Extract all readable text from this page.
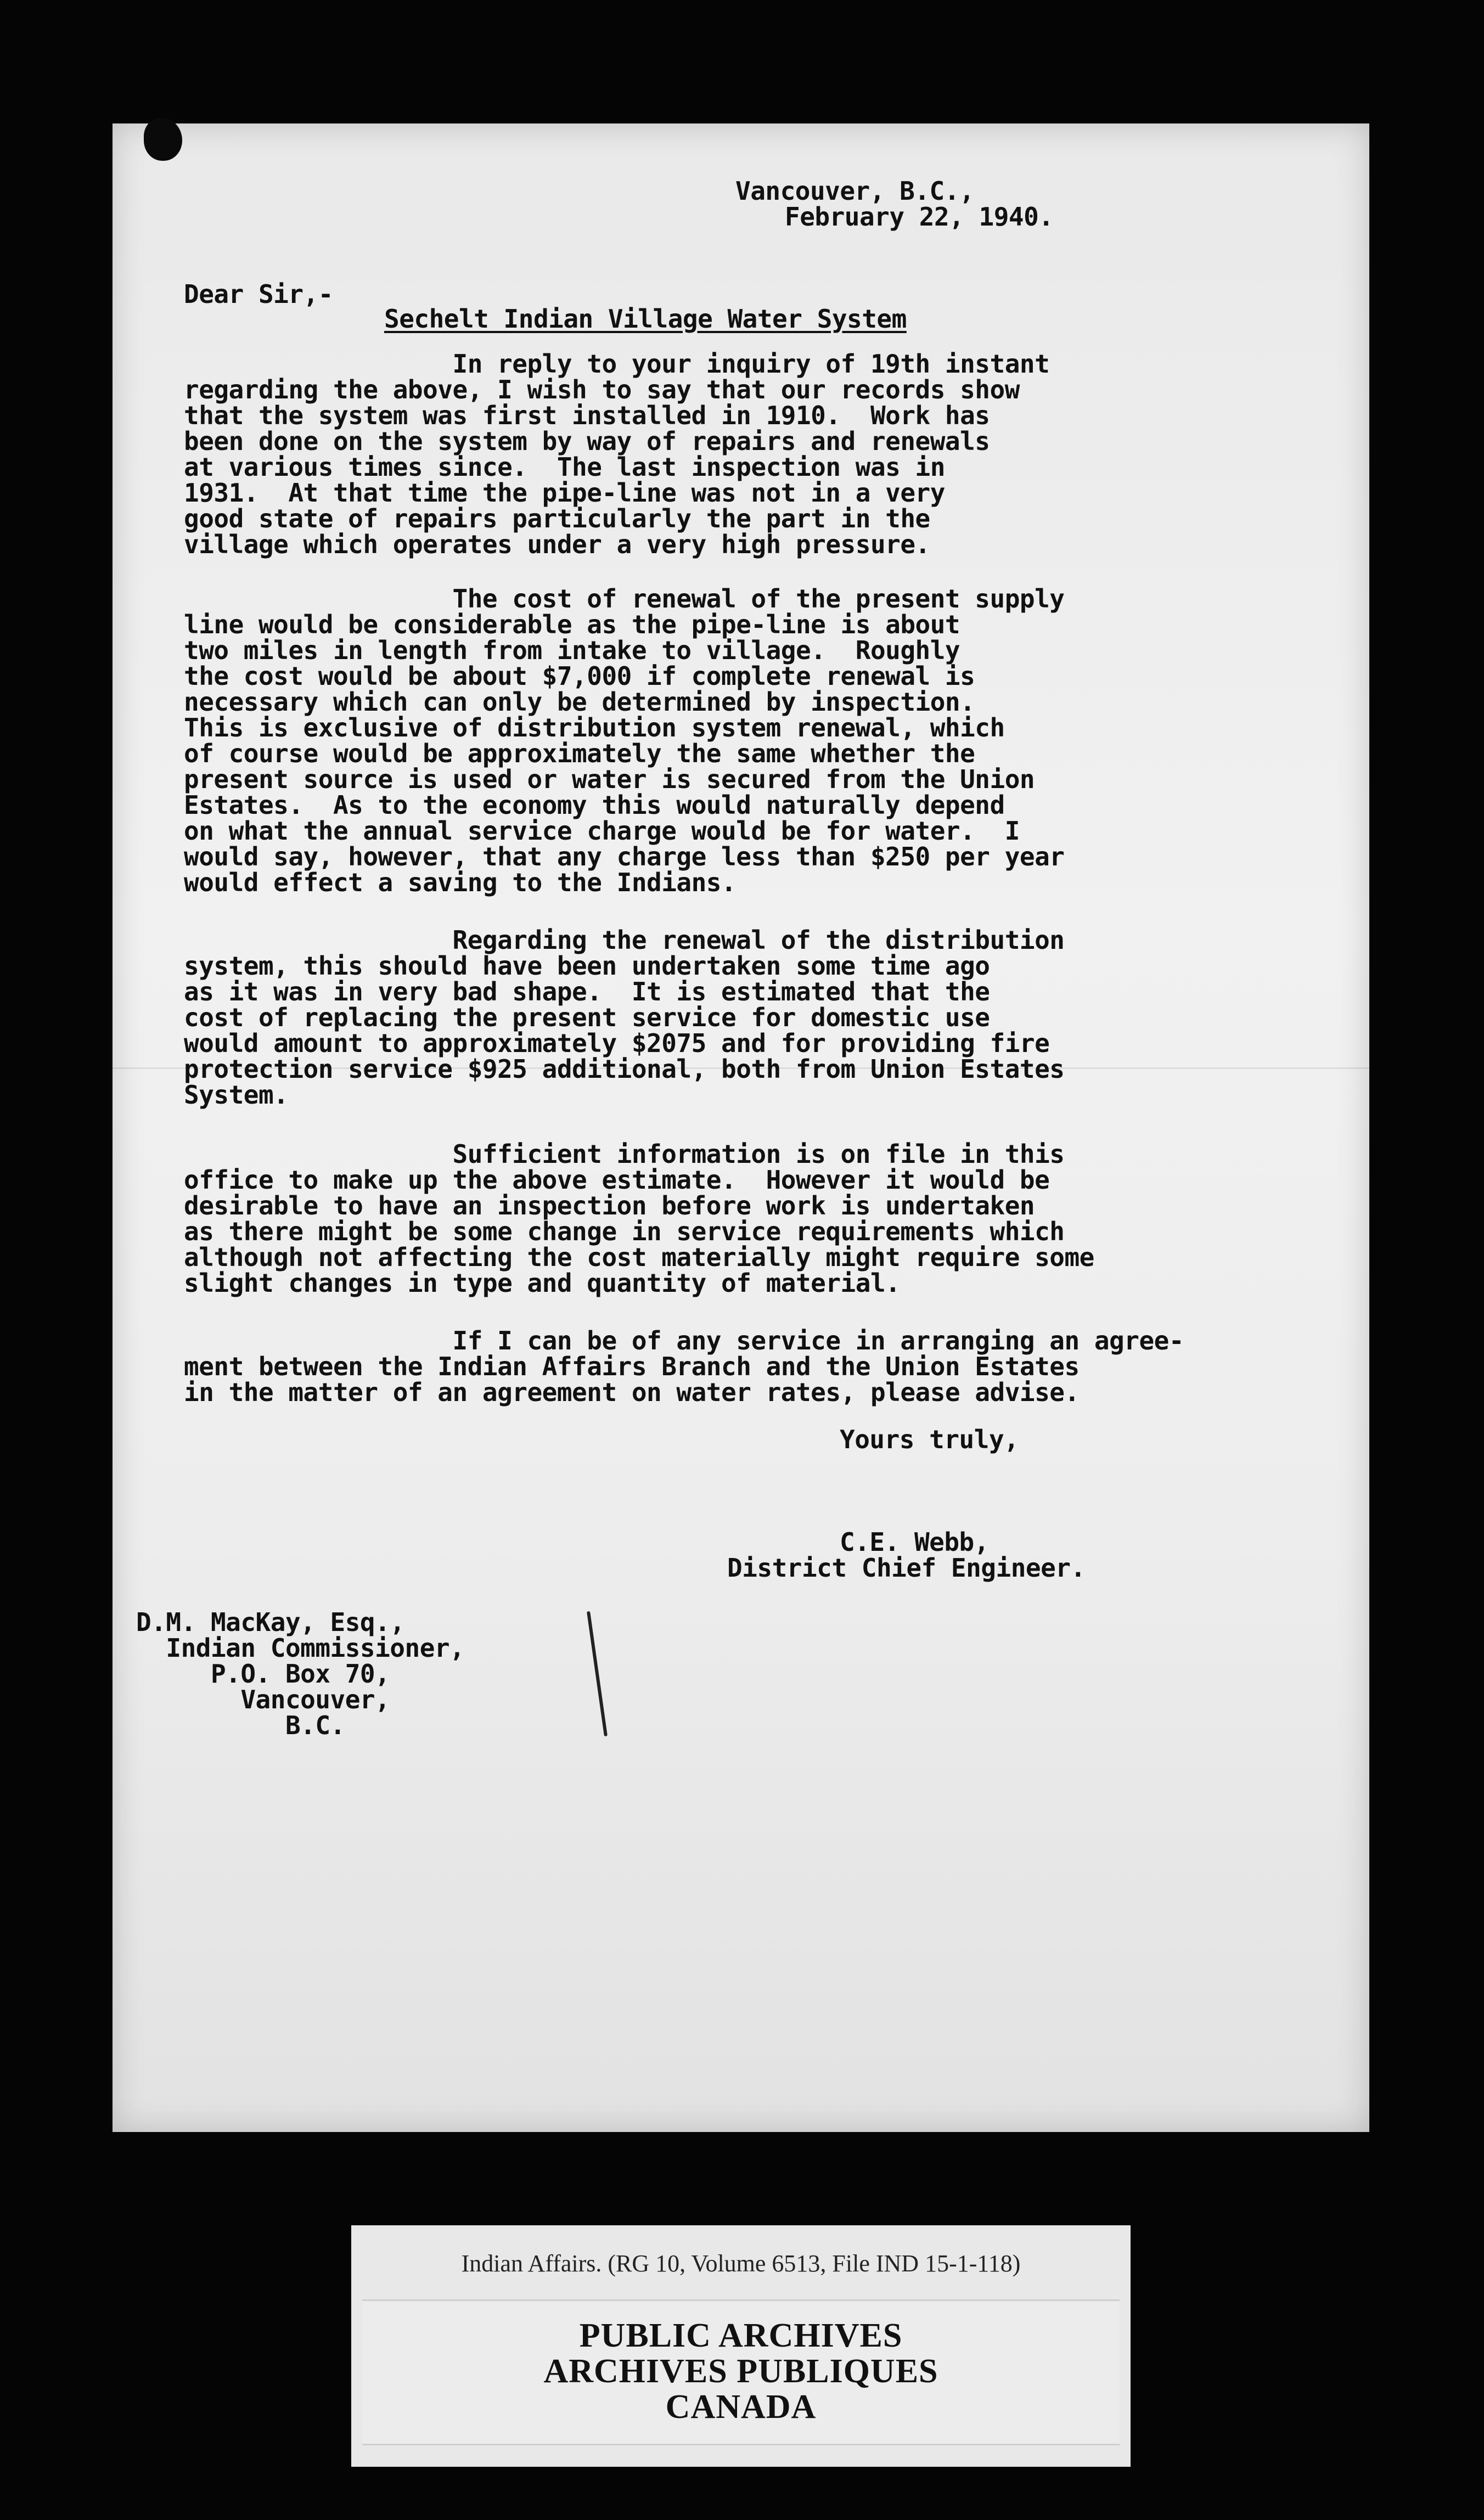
Vancouver, B.C.,
February 22, 1940.
Dear Sir,-
Sechelt Indian Village Water System
In reply to your inquiry of 19th instant
regarding the above, I wish to say that our records show
that the system was first installed in 1910.  Work has
been done on the system by way of repairs and renewals
at various times since.  The last inspection was in
1931.  At that time the pipe-line was not in a very
good state of repairs particularly the part in the
village which operates under a very high pressure.
The cost of renewal of the present supply
line would be considerable as the pipe-line is about
two miles in length from intake to village.  Roughly
the cost would be about $7,000 if complete renewal is
necessary which can only be determined by inspection.
This is exclusive of distribution system renewal, which
of course would be approximately the same whether the
present source is used or water is secured from the Union
Estates.  As to the economy this would naturally depend
on what the annual service charge would be for water.  I
would say, however, that any charge less than $250 per year
would effect a saving to the Indians.
Regarding the renewal of the distribution
system, this should have been undertaken some time ago
as it was in very bad shape.  It is estimated that the
cost of replacing the present service for domestic use
would amount to approximately $2075 and for providing fire
protection service $925 additional, both from Union Estates
System.
Sufficient information is on file in this
office to make up the above estimate.  However it would be
desirable to have an inspection before work is undertaken
as there might be some change in service requirements which
although not affecting the cost materially might require some
slight changes in type and quantity of material.
If I can be of any service in arranging an agree-
ment between the Indian Affairs Branch and the Union Estates
in the matter of an agreement on water rates, please advise.
Yours truly,
C.E. Webb,
District Chief Engineer.
D.M. MacKay, Esq.,
Indian Commissioner,
P.O. Box 70,
Vancouver,
B.C.
Indian Affairs. (RG 10, Volume 6513, File IND 15-1-118)
PUBLIC ARCHIVES
ARCHIVES PUBLIQUES
CANADA
